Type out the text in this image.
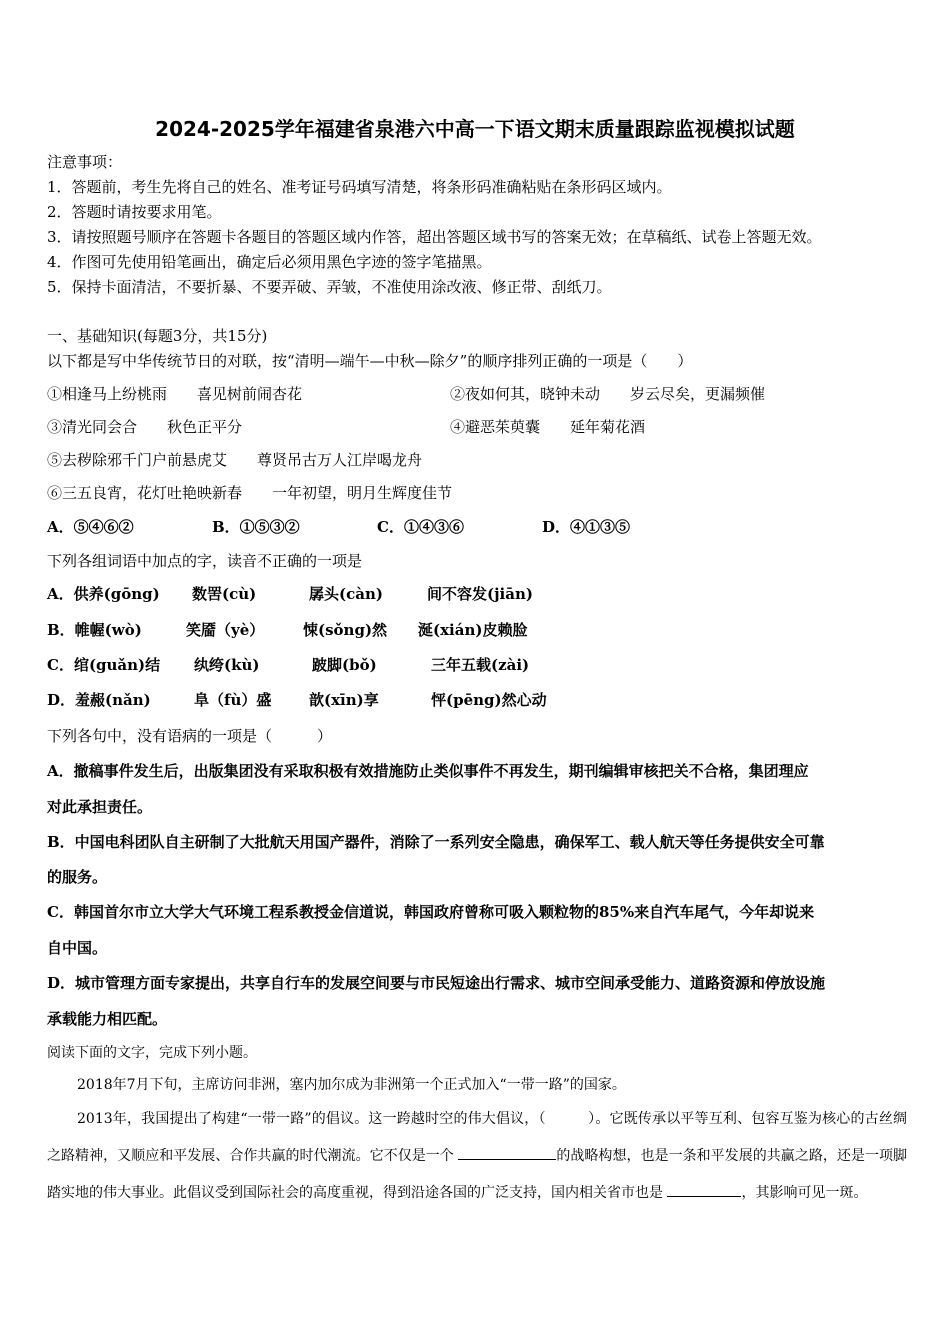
2024-2025学年福建省泉港六中高一下语文期末质量跟踪监视模拟试题
注意事项：
1．答题前，考生先将自己的姓名、准考证号码填写清楚，将条形码准确粘贴在条形码区域内。
2．答题时请按要求用笔。
3．请按照题号顺序在答题卡各题目的答题区域内作答，超出答题区域书写的答案无效；在草稿纸、试卷上答题无效。
4．作图可先使用铅笔画出，确定后必须用黑色字迹的签字笔描黑。
5．保持卡面清洁，不要折暴、不要弄破、弄皱，不准使用涂改液、修正带、刮纸刀。
一、基础知识(每题3分，共15分)
以下都是写中华传统节日的对联，按“清明—端午—中秋—除夕”的顺序排列正确的一项是（　　）
①相逢马上纷桃雨　　喜见树前闹杏花	②夜如何其，晓钟未动　　岁云尽矣，更漏频催
③清光同会合　　秋色正平分	④避恶茱萸囊　　延年菊花酒
⑤去秽除邪千门户前悬虎艾　　尊贤吊古万人江岸喝龙舟
⑥三五良宵，花灯吐艳映新春　　一年初望，明月生辉度佳节
A．⑤④⑥②	B．①⑤③②	C．①④③⑥	D．④①③⑤
下列各组词语中加点的字，读音不正确的一项是
A．供养(gōng) 数罟(cù)	孱头(càn)	间不容发(jiān)
B．帷幄(wò)	笑靥（yè）	悚(sǒng)然 涎(xián)皮赖脸
C．绾(guǎn)结 纨绔(kù)	跛脚(bǒ)	三年五载(zài)
D．羞赧(nǎn)	阜（fù）盛	歆(xīn)享	怦(pēng)然心动
下列各句中，没有语病的一项是（　　　）
A．撤稿事件发生后，出版集团没有采取积极有效措施防止类似事件不再发生，期刊编辑审核把关不合格，集团理应
对此承担责任。
B．中国电科团队自主研制了大批航天用国产器件，消除了一系列安全隐患，确保军工、载人航天等任务提供安全可靠
的服务。
C．韩国首尔市立大学大气环境工程系教授金信道说，韩国政府曾称可吸入颗粒物的85%来自汽车尾气，今年却说来
自中国。
D．城市管理方面专家提出，共享自行车的发展空间要与市民短途出行需求、城市空间承受能力、道路资源和停放设施
承载能力相匹配。
阅读下面的文字，完成下列小题。
2018年7月下旬，主席访问非洲，塞内加尔成为非洲第一个正式加入“一带一路”的国家。
2013年，我国提出了构建“一带一路”的倡议。这一跨越时空的伟大倡议，（　　　）。它既传承以平等互利、包容互鉴为核心的古丝绸之路精神，又顺应和平发展、合作共赢的时代潮流。它不仅是一个	的战略构想，也是一条和平发展的共赢之路，还是一项脚踏实地的伟大事业。此倡议受到国际社会的高度重视，得到沿途各国的广泛支持，国内相关省市也是	，其影响可见一斑。
